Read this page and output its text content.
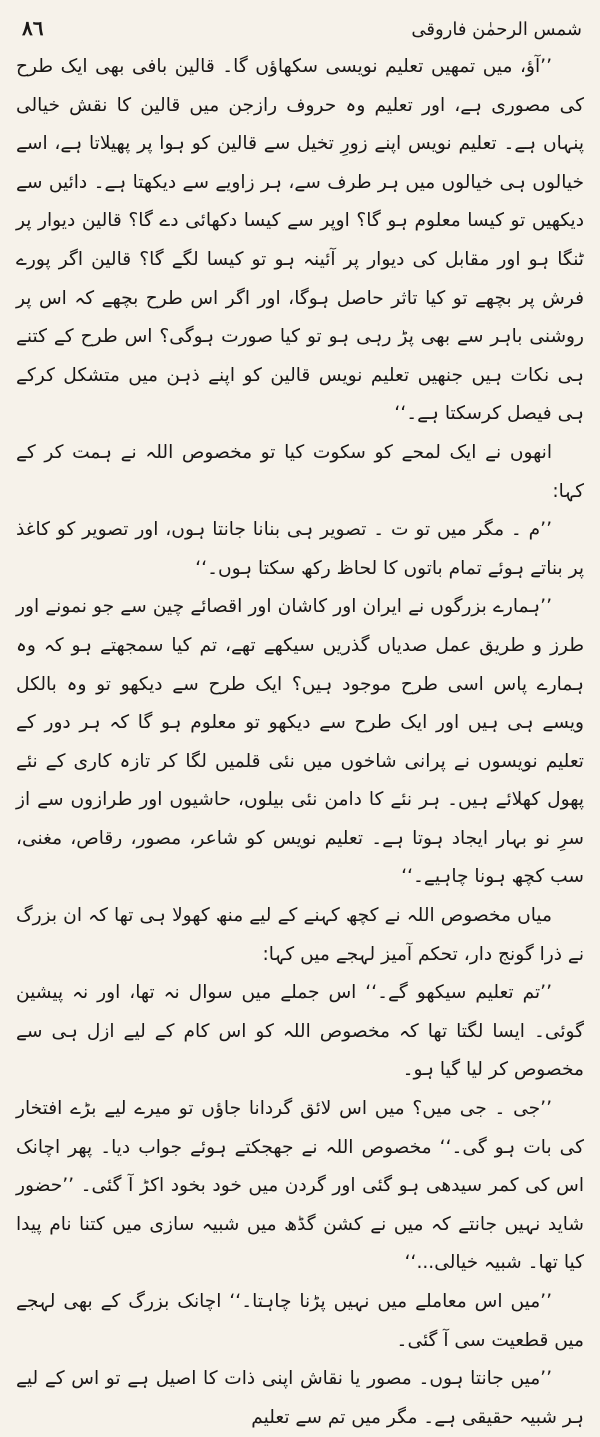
۸٦	شمس الرحمٰن فاروقی

’’آؤ، میں تمھیں تعلیم نویسی سکھاؤں گا۔ قالین بافی بھی ایک طرح کی مصوری ہے، اور تعلیم وہ حروف رازجن میں قالین کا نقش خیالی پنہاں ہے۔ تعلیم نویس اپنے زورِ تخیل سے قالین کو ہوا پر پھیلاتا ہے، اسے خیالوں ہی خیالوں میں ہر طرف سے، ہر زاویے سے دیکھتا ہے۔ دائیں سے دیکھیں تو کیسا معلوم ہو گا؟ اوپر سے کیسا دکھائی دے گا؟ قالین دیوار پر ٹنگا ہو اور مقابل کی دیوار پر آئینہ ہو تو کیسا لگے گا؟ قالین اگر پورے فرش پر بچھے تو کیا تاثر حاصل ہوگا، اور اگر اس طرح بچھے کہ اس پر روشنی باہر سے بھی پڑ رہی ہو تو کیا صورت ہوگی؟ اس طرح کے کتنے ہی نکات ہیں جنھیں تعلیم نویس قالین کو اپنے ذہن میں متشکل کرکے ہی فیصل کرسکتا ہے۔‘‘

انھوں نے ایک لمحے کو سکوت کیا تو مخصوص اللہ نے ہمت کر کے کہا:

’’م ۔ مگر میں تو ت ۔ تصویر ہی بنانا جانتا ہوں، اور تصویر کو کاغذ پر بناتے ہوئے تمام باتوں کا لحاظ رکھ سکتا ہوں۔‘‘

’’ہمارے بزرگوں نے ایران اور کاشان اور اقصائے چین سے جو نمونے اور طرز و طریق عمل صدیاں گذریں سیکھے تھے، تم کیا سمجھتے ہو کہ وہ ہمارے پاس اسی طرح موجود ہیں؟ ایک طرح سے دیکھو تو وہ بالکل ویسے ہی ہیں اور ایک طرح سے دیکھو تو معلوم ہو گا کہ ہر دور کے تعلیم نویسوں نے پرانی شاخوں میں نئی قلمیں لگا کر تازہ کاری کے نئے پھول کھلائے ہیں۔ ہر نئے کا دامن نئی بیلوں، حاشیوں اور طرازوں سے از سرِ نو بہار ایجاد ہوتا ہے۔ تعلیم نویس کو شاعر، مصور، رقاص، مغنی، سب کچھ ہونا چاہیے۔‘‘

میاں مخصوص اللہ نے کچھ کہنے کے لیے منھ کھولا ہی تھا کہ ان بزرگ نے ذرا گونج دار، تحکم آمیز لہجے میں کہا:

’’تم تعلیم سیکھو گے۔‘‘ اس جملے میں سوال نہ تھا، اور نہ پیشین گوئی۔ ایسا لگتا تھا کہ مخصوص اللہ کو اس کام کے لیے ازل ہی سے مخصوص کر لیا گیا ہو۔

’’جی ۔ جی میں؟ میں اس لائق گردانا جاؤں تو میرے لیے بڑے افتخار کی بات ہو گی۔‘‘ مخصوص اللہ نے جھجکتے ہوئے جواب دیا۔ پھر اچانک اس کی کمر سیدھی ہو گئی اور گردن میں خود بخود اکڑ آ گئی۔ ’’حضور شاید نہیں جانتے کہ میں نے کشن گڈھ میں شبیہ سازی میں کتنا نام پیدا کیا تھا۔ شبیہ خیالی...‘‘

’’میں اس معاملے میں نہیں پڑنا چاہتا۔‘‘ اچانک بزرگ کے بھی لہجے میں قطعیت سی آ گئی۔

’’میں جانتا ہوں۔ مصور یا نقاش اپنی ذات کا اصیل ہے تو اس کے لیے ہر شبیہ حقیقی ہے۔ مگر میں تم سے تعلیم
